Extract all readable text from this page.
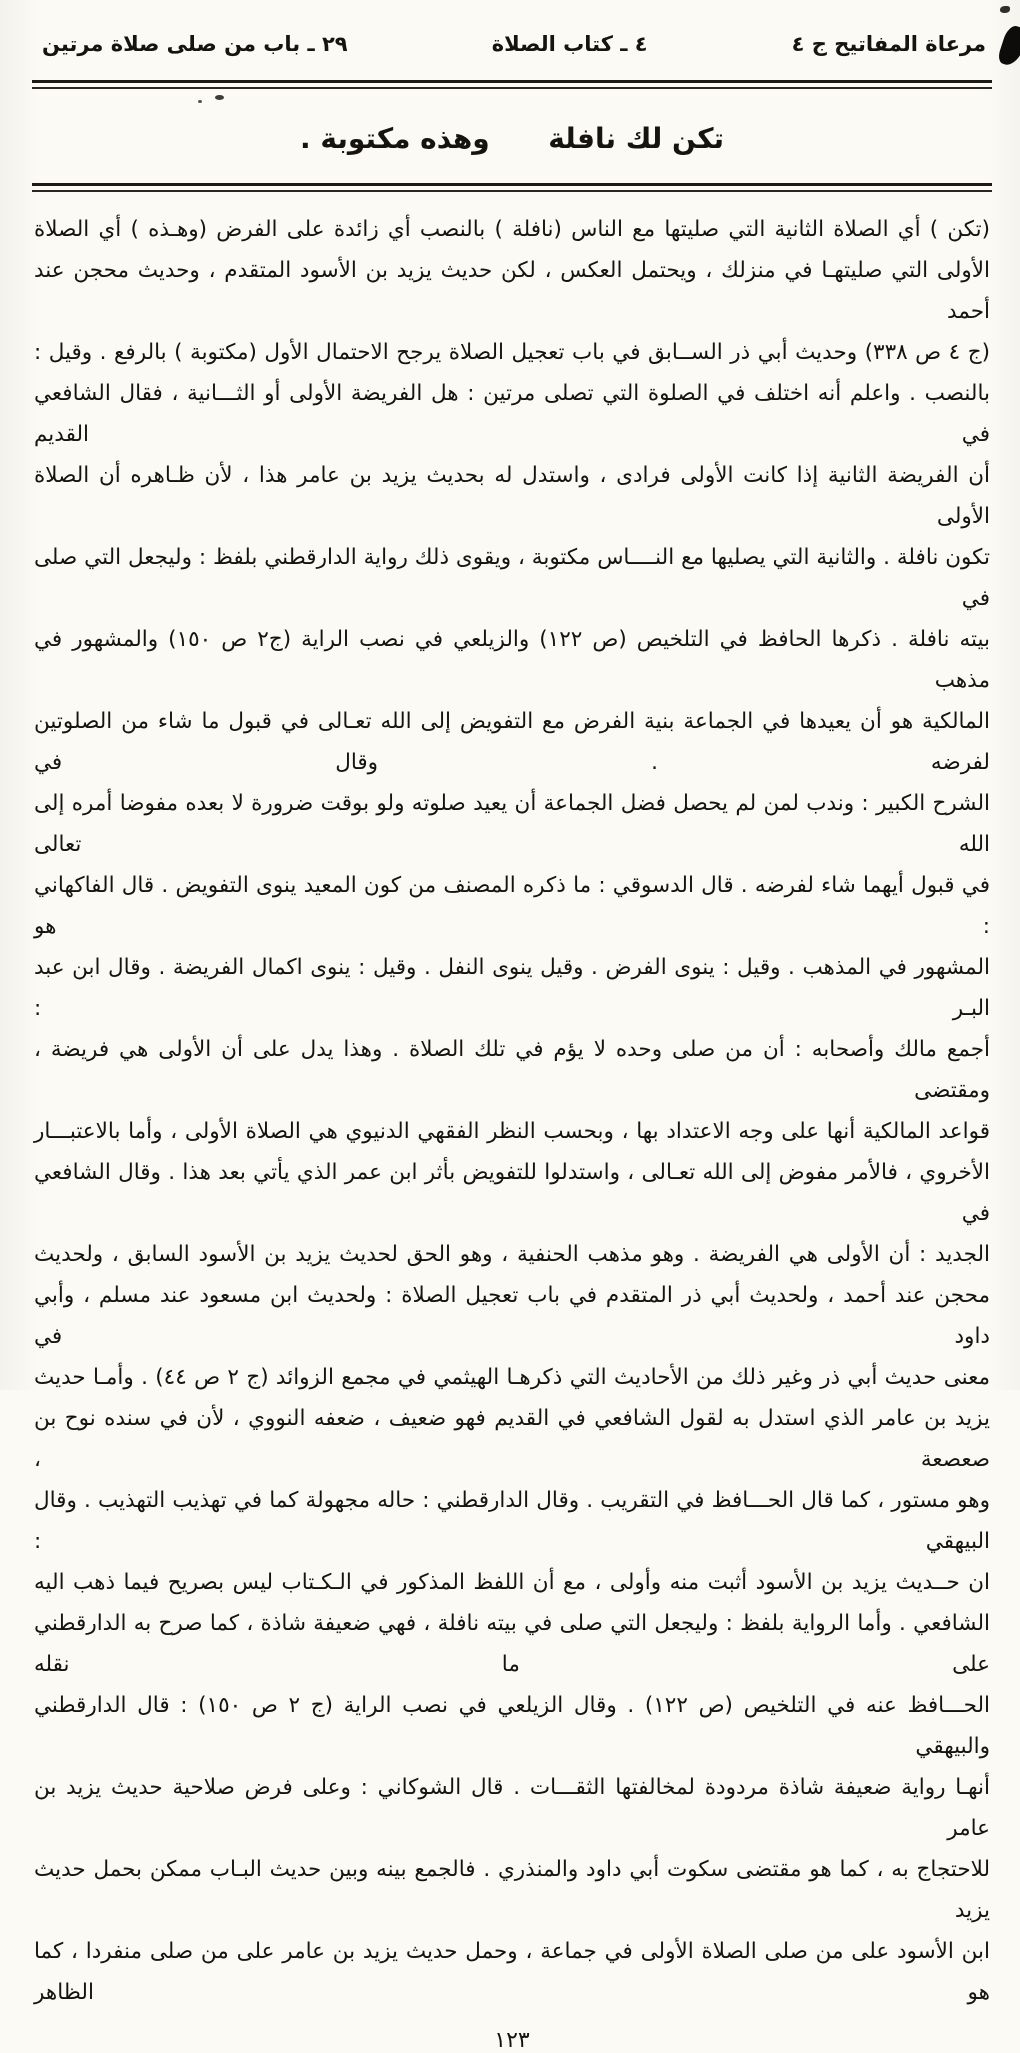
مرعاة المفاتيح ج ٤
٤ ـ كتاب الصلاة
٢٩ ـ باب من صلى صلاة مرتين
تكن لك نافلة      وهذه مكتوبة .
(تكن ) أي الصلاة الثانية التي صليتها مع الناس (نافلة ) بالنصب أي زائدة على الفرض (وهـذه ) أي الصلاة
الأولى التي صليتهـا في منزلك ، ويحتمل العكس ، لكن حديث يزيد بن الأسود المتقدم ، وحديث محجن عند أحمد
(ج ٤ ص ٣٣٨) وحديث أبي ذر الســابق في باب تعجيل الصلاة يرجح الاحتمال الأول (مكتوبة ) بالرفع . وقيل :
بالنصب . واعلم أنه اختلف في الصلوة التي تصلى مرتين : هل الفريضة الأولى أو الثـــانية ، فقال الشافعي في القديم
أن الفريضة الثانية إذا كانت الأولى فرادى ، واستدل له بحديث يزيد بن عامر هذا ، لأن ظـاهره أن الصلاة الأولى
تكون نافلة . والثانية التي يصليها مع النــــاس مكتوبة ، ويقوى ذلك رواية الدارقطني بلفظ : وليجعل التي صلى في
بيته نافلة . ذكرها الحافظ في التلخيص (ص ١٢٢) والزيلعي في نصب الراية (ج٢ ص ١٥٠) والمشهور في مذهب
المالكية هو أن يعيدها في الجماعة بنية الفرض مع التفويض إلى الله تعـالى في قبول ما شاء من الصلوتين لفرضه . وقال في
الشرح الكبير : وندب لمن لم يحصل فضل الجماعة أن يعيد صلوته ولو بوقت ضرورة لا بعده مفوضا أمره إلى الله تعالى
في قبول أيهما شاء لفرضه . قال الدسوقي : ما ذكره المصنف من كون المعيد ينوى التفويض . قال الفاكهاني : هو
المشهور في المذهب . وقيل : ينوى الفرض . وقيل ينوى النفل . وقيل : ينوى اكمال الفريضة . وقال ابن عبد البـر :
أجمع مالك وأصحابه : أن من صلى وحده لا يؤم في تلك الصلاة . وهذا يدل على أن الأولى هي فريضة ، ومقتضى
قواعد المالكية أنها على وجه الاعتداد بها ، وبحسب النظر الفقهي الدنيوي هي الصلاة الأولى ، وأما بالاعتبـــار
الأخروي ، فالأمر مفوض إلى الله تعـالى ، واستدلوا للتفويض بأثر ابن عمر الذي يأتي بعد هذا . وقال الشافعي في
الجديد : أن الأولى هي الفريضة . وهو مذهب الحنفية ، وهو الحق لحديث يزيد بن الأسود السابق ، ولحديث
محجن عند أحمد ، ولحديث أبي ذر المتقدم في باب تعجيل الصلاة : ولحديث ابن مسعود عند مسلم ، وأبي داود في
معنى حديث أبي ذر وغير ذلك من الأحاديث التي ذكرهـا الهيثمي في مجمع الزوائد (ج ٢ ص ٤٤) . وأمـا حديث
يزيد بن عامر الذي استدل به لقول الشافعي في القديم فهو ضعيف ، ضعفه النووي ، لأن في سنده نوح بن صعصعة ،
وهو مستور ، كما قال الحـــافظ في التقريب . وقال الدارقطني : حاله مجهولة كما في تهذيب التهذيب . وقال البيهقي :
ان حــديث يزيد بن الأسود أثبت منه وأولى ، مع أن اللفظ المذكور في الـكـتاب ليس بصريح فيما ذهب اليه
الشافعي . وأما الرواية بلفظ : وليجعل التي صلى في بيته نافلة ، فهي ضعيفة شاذة ، كما صرح به الدارقطني على ما نقله
الحـــافظ عنه في التلخيص (ص ١٢٢) . وقال الزيلعي في نصب الراية (ج ٢ ص ١٥٠) : قال الدارقطني والبيهقي
أنهـا رواية ضعيفة شاذة مردودة لمخالفتها الثقـــات . قال الشوكاني : وعلى فرض صلاحية حديث يزيد بن عامر
للاحتجاج به ، كما هو مقتضى سكوت أبي داود والمنذري . فالجمع بينه وبين حديث البـاب ممكن بحمل حديث يزيد
ابن الأسود على من صلى الصلاة الأولى في جماعة ، وحمل حديث يزيد بن عامر على من صلى منفردا ، كما هو الظاهر
١٢٣
